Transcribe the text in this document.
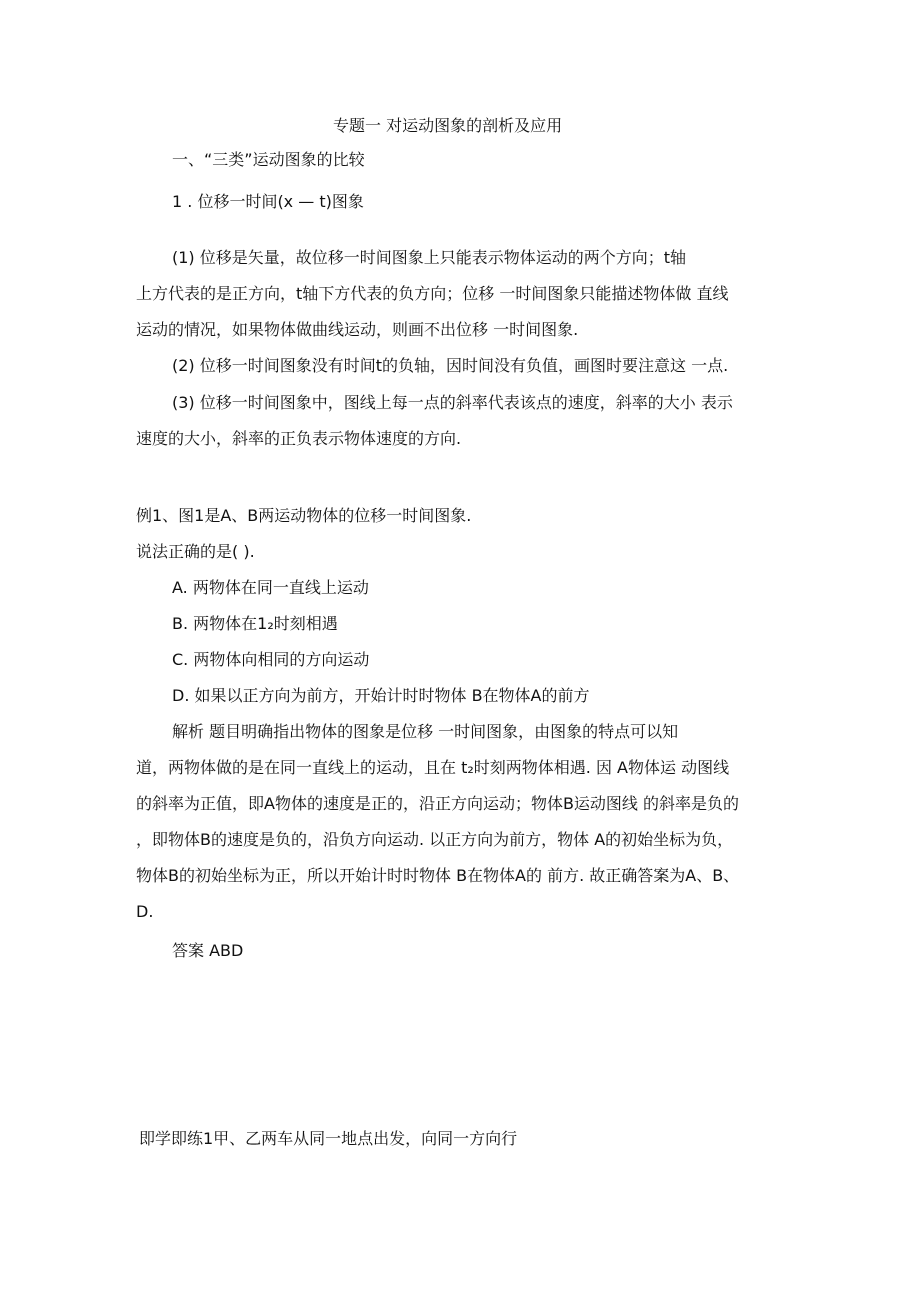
专题一 对运动图象的剖析及应用
一、“三类”运动图象的比较
1 . 位移一时间(x — t)图象
(1) 位移是矢量，故位移一时间图象上只能表示物体运动的两个方向；t轴
上方代表的是正方向，t轴下方代表的负方向；位移 一时间图象只能描述物体做 直线
运动的情况，如果物体做曲线运动，则画不出位移 一时间图象.
(2) 位移一时间图象没有时间t的负轴，因时间没有负值，画图时要注意这 一点.
(3) 位移一时间图象中，图线上每一点的斜率代表该点的速度，斜率的大小 表示
速度的大小，斜率的正负表示物体速度的方向.
例1、图1是A、B两运动物体的位移一时间图象.
说法正确的是( ).
A. 两物体在同一直线上运动
B. 两物体在1₂时刻相遇
C. 两物体向相同的方向运动
D. 如果以正方向为前方，开始计时时物体 B在物体A的前方
解析 题目明确指出物体的图象是位移 一时间图象，由图象的特点可以知
道，两物体做的是在同一直线上的运动，且在 t₂时刻两物体相遇. 因 A物体运 动图线
的斜率为正值，即A物体的速度是正的，沿正方向运动；物体B运动图线 的斜率是负的
，即物体B的速度是负的，沿负方向运动. 以正方向为前方，物体 A的初始坐标为负，
物体B的初始坐标为正，所以开始计时时物体 B在物体A的 前方. 故正确答案为A、B、
D.
答案 ABD
即学即练1甲、乙两车从同一地点出发，向同一方向行
